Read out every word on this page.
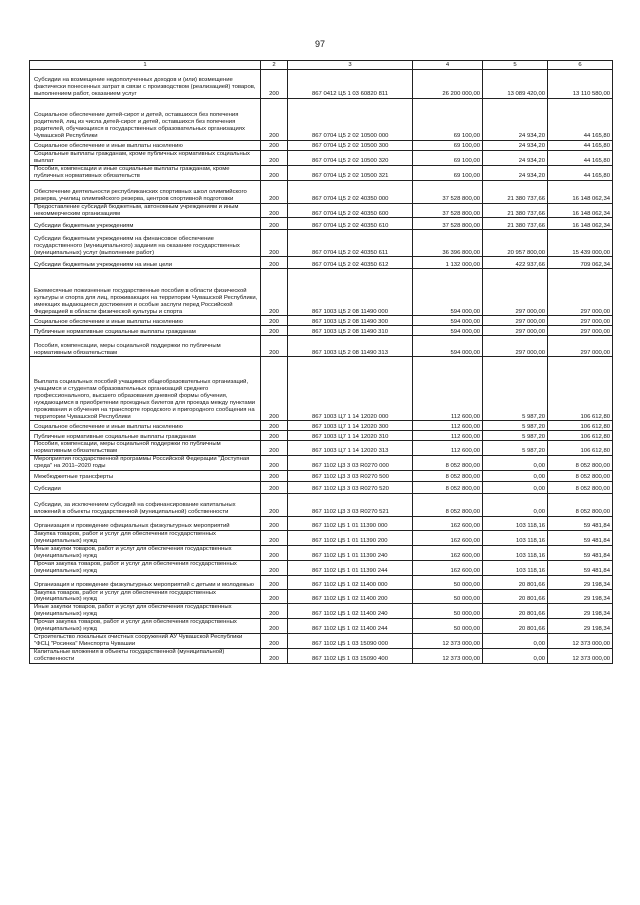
97
1	2	3	4	5	6
Субсидии на возмещение недополученных доходов и (или) возмещение фактически понесенных затрат в связи с производством (реализацией) товаров, выполнением работ, оказанием услуг	200	867 0412 Ц5 1 03 60820 811	26 200 000,00	13 089 420,00	13 110 580,00
Социальное обеспечение детей-сирот и детей, оставшихся без попечения родителей, лиц из числа детей-сирот и детей, оставшихся без попечения родителей, обучающихся в государственных образовательных организациях Чувашской Республики	200	867 0704 Ц5 2 02 10500 000	69 100,00	24 934,20	44 165,80
Социальное обеспечение и иные выплаты населению	200	867 0704 Ц5 2 02 10500 300	69 100,00	24 934,20	44 165,80
Социальные выплаты гражданам, кроме публичных нормативных социальных выплат	200	867 0704 Ц5 2 02 10500 320	69 100,00	24 934,20	44 165,80
Пособия, компенсации и иные социальные выплаты гражданам, кроме публичных нормативных обязательств	200	867 0704 Ц5 2 02 10500 321	69 100,00	24 934,20	44 165,80
Обеспечение деятельности республиканских спортивных школ олимпийского резерва, училищ олимпийского резерва, центров спортивной подготовки	200	867 0704 Ц5 2 02 40350 000	37 528 800,00	21 380 737,66	16 148 062,34
Предоставление субсидий бюджетным, автономным учреждениям и иным некоммерческим организациям	200	867 0704 Ц5 2 02 40350 600	37 528 800,00	21 380 737,66	16 148 062,34
Субсидии бюджетным учреждениям	200	867 0704 Ц5 2 02 40350 610	37 528 800,00	21 380 737,66	16 148 062,34
Субсидии бюджетным учреждениям на финансовое обеспечение государственного (муниципального) задания на оказание государственных (муниципальных) услуг (выполнение работ)	200	867 0704 Ц5 2 02 40350 611	36 396 800,00	20 957 800,00	15 439 000,00
Субсидии бюджетным учреждениям на иные цели	200	867 0704 Ц5 2 02 40350 612	1 132 000,00	422 937,66	709 062,34
Ежемесячные пожизненные государственные пособия в области физической культуры и спорта для лиц, проживающих на территории Чувашской Республики, имеющих выдающиеся достижения и особые заслуги перед Российской Федерацией в области физической культуры и спорта	200	867 1003 Ц5 2 08 11490 000	594 000,00	297 000,00	297 000,00
Социальное обеспечение и иные выплаты населению	200	867 1003 Ц5 2 08 11490 300	594 000,00	297 000,00	297 000,00
Публичные нормативные социальные выплаты гражданам	200	867 1003 Ц5 2 08 11490 310	594 000,00	297 000,00	297 000,00
Пособия, компенсации, меры социальной поддержки по публичным нормативным обязательствам	200	867 1003 Ц5 2 08 11490 313	594 000,00	297 000,00	297 000,00
Выплата социальных пособий учащимся общеобразовательных организаций, учащимся и студентам образовательных организаций среднего профессионального, высшего образования дневной формы обучения, нуждающимся в приобретении проездных билетов для проезда между пунктами проживания и обучения на транспорте городского и пригородного сообщения на территории Чувашской Республики	200	867 1003 Ц7 1 14 12020 000	112 600,00	5 987,20	106 612,80
Социальное обеспечение и иные выплаты населению	200	867 1003 Ц7 1 14 12020 300	112 600,00	5 987,20	106 612,80
Публичные нормативные социальные выплаты гражданам	200	867 1003 Ц7 1 14 12020 310	112 600,00	5 987,20	106 612,80
Пособия, компенсации, меры социальной поддержки по публичным нормативным обязательствам	200	867 1003 Ц7 1 14 12020 313	112 600,00	5 987,20	106 612,80
Мероприятия государственной программы Российской Федерации "Доступная среда" на 2011–2020 годы	200	867 1102 Ц3 3 03 R0270 000	8 052 800,00	0,00	8 052 800,00
Межбюджетные трансферты	200	867 1102 Ц3 3 03 R0270 500	8 052 800,00	0,00	8 052 800,00
Субсидии	200	867 1102 Ц3 3 03 R0270 520	8 052 800,00	0,00	8 052 800,00
Субсидии, за исключением субсидий на софинансирование капитальных вложений в объекты государственной (муниципальной) собственности	200	867 1102 Ц3 3 03 R0270 521	8 052 800,00	0,00	8 052 800,00
Организация и проведение официальных физкультурных мероприятий	200	867 1102 Ц5 1 01 11390 000	162 600,00	103 118,16	59 481,84
Закупка товаров, работ и услуг для обеспечения государственных (муниципальных) нужд	200	867 1102 Ц5 1 01 11390 200	162 600,00	103 118,16	59 481,84
Иные закупки товаров, работ и услуг для обеспечения государственных (муниципальных) нужд	200	867 1102 Ц5 1 01 11390 240	162 600,00	103 118,16	59 481,84
Прочая закупка товаров, работ и услуг для обеспечения государственных (муниципальных) нужд	200	867 1102 Ц5 1 01 11390 244	162 600,00	103 118,16	59 481,84
Организация и проведение физкультурных мероприятий с детьми и молодежью	200	867 1102 Ц5 1 02 11400 000	50 000,00	20 801,66	29 198,34
Закупка товаров, работ и услуг для обеспечения государственных (муниципальных) нужд	200	867 1102 Ц5 1 02 11400 200	50 000,00	20 801,66	29 198,34
Иные закупки товаров, работ и услуг для обеспечения государственных (муниципальных) нужд	200	867 1102 Ц5 1 02 11400 240	50 000,00	20 801,66	29 198,34
Прочая закупка товаров, работ и услуг для обеспечения государственных (муниципальных) нужд	200	867 1102 Ц5 1 02 11400 244	50 000,00	20 801,66	29 198,34
Строительство локальных очистных сооружений АУ Чувашской Республики "ФСЦ "Росинка" Минспорта Чувашии	200	867 1102 Ц5 1 03 15090 000	12 373 000,00	0,00	12 373 000,00
Капитальные вложения в объекты государственной (муниципальной) собственности	200	867 1102 Ц5 1 03 15090 400	12 373 000,00	0,00	12 373 000,00
